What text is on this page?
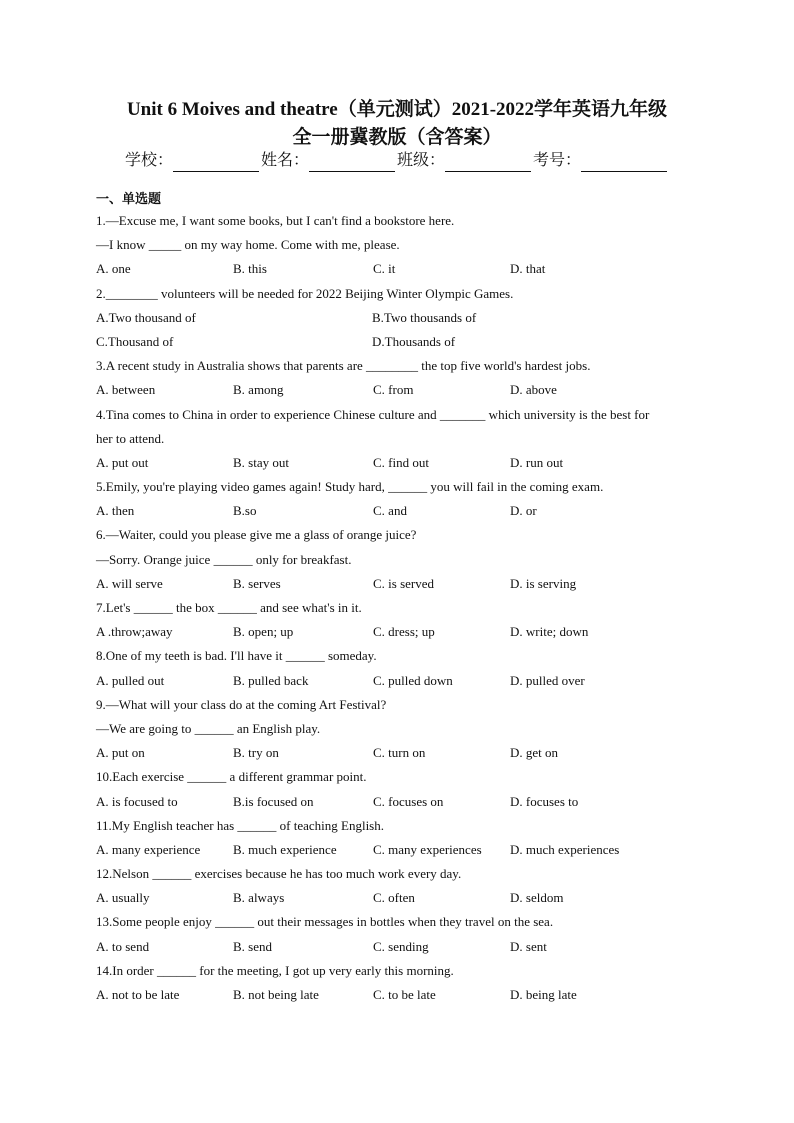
Unit 6 Moives and theatre（单元测试）2021-2022学年英语九年级
全一册冀教版（含答案）
学校：	姓名：	班级：	考号：
一、单选题
1.—Excuse me, I want some books, but I can't find a bookstore here.
—I know _____ on my way home. Come with me, please.
A. one	B. this	C. it	D. that
2.________ volunteers will be needed for 2022 Beijing Winter Olympic Games.
A.Two thousand of	B.Two thousands of
C.Thousand of	D.Thousands of
3.A recent study in Australia shows that parents are ________ the top five world's hardest jobs.
A. between	B. among	C. from	D. above
4.Tina comes to China in order to experience Chinese culture and _______ which university is the best for
her to attend.
A. put out	B. stay out	C. find out	D. run out
5.Emily, you're playing video games again! Study hard, ______ you will fail in the coming exam.
A. then	B.so	C. and	D. or
6.—Waiter, could you please give me a glass of orange juice?
—Sorry. Orange juice ______ only for breakfast.
A. will serve	B. serves	C. is served	D. is serving
7.Let's ______ the box ______ and see what's in it.
A .throw;away	B. open; up	C. dress; up	D. write; down
8.One of my teeth is bad. I'll have it ______ someday.
A. pulled out	B. pulled back	C. pulled down	D. pulled over
9.—What will your class do at the coming Art Festival?
—We are going to ______ an English play.
A. put on	B. try on	C. turn on	D. get on
10.Each exercise ______ a different grammar point.
A. is focused to	B.is focused on	C. focuses on	D. focuses to
11.My English teacher has ______ of teaching English.
A. many experience	B. much experience	C. many experiences D. much experiences
12.Nelson ______ exercises because he has too much work every day.
A. usually	B. always	C. often	D. seldom
13.Some people enjoy ______ out their messages in bottles when they travel on the sea.
A. to send	B. send	C. sending	D. sent
14.In order ______ for the meeting, I got up very early this morning.
A. not to be late	B. not being late	C. to be late	D. being late
